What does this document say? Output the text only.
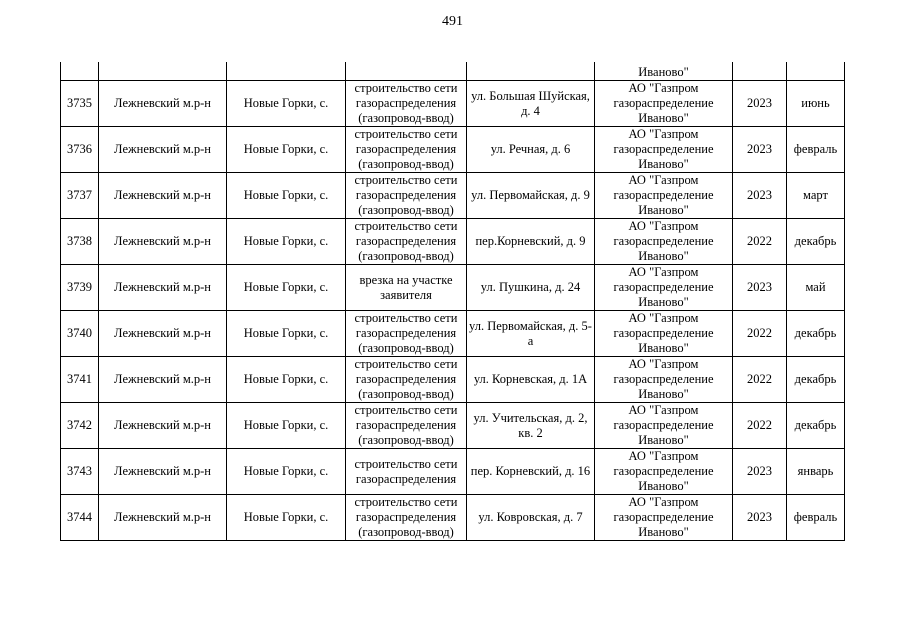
491
					Иваново"		
3735	Лежневский м.р-н	Новые Горки, с.	строительство сети газораспределения (газопровод-ввод)	ул. Большая Шуйская, д. 4	АО "Газпром газораспределение Иваново"	2023	июнь
3736	Лежневский м.р-н	Новые Горки, с.	строительство сети газораспределения (газопровод-ввод)	ул. Речная, д. 6	АО "Газпром газораспределение Иваново"	2023	февраль
3737	Лежневский м.р-н	Новые Горки, с.	строительство сети газораспределения (газопровод-ввод)	ул. Первомайская, д. 9	АО "Газпром газораспределение Иваново"	2023	март
3738	Лежневский м.р-н	Новые Горки, с.	строительство сети газораспределения (газопровод-ввод)	пер.Корневский, д. 9	АО "Газпром газораспределение Иваново"	2022	декабрь
3739	Лежневский м.р-н	Новые Горки, с.	врезка на участке заявителя	ул. Пушкина, д. 24	АО "Газпром газораспределение Иваново"	2023	май
3740	Лежневский м.р-н	Новые Горки, с.	строительство сети газораспределения (газопровод-ввод)	ул. Первомайская, д. 5-а	АО "Газпром газораспределение Иваново"	2022	декабрь
3741	Лежневский м.р-н	Новые Горки, с.	строительство сети газораспределения (газопровод-ввод)	ул. Корневская, д. 1А	АО "Газпром газораспределение Иваново"	2022	декабрь
3742	Лежневский м.р-н	Новые Горки, с.	строительство сети газораспределения (газопровод-ввод)	ул. Учительская, д. 2, кв. 2	АО "Газпром газораспределение Иваново"	2022	декабрь
3743	Лежневский м.р-н	Новые Горки, с.	строительство сети газораспределения	пер. Корневский, д. 16	АО "Газпром газораспределение Иваново"	2023	январь
3744	Лежневский м.р-н	Новые Горки, с.	строительство сети газораспределения (газопровод-ввод)	ул. Ковровская, д. 7	АО "Газпром газораспределение Иваново"	2023	февраль
